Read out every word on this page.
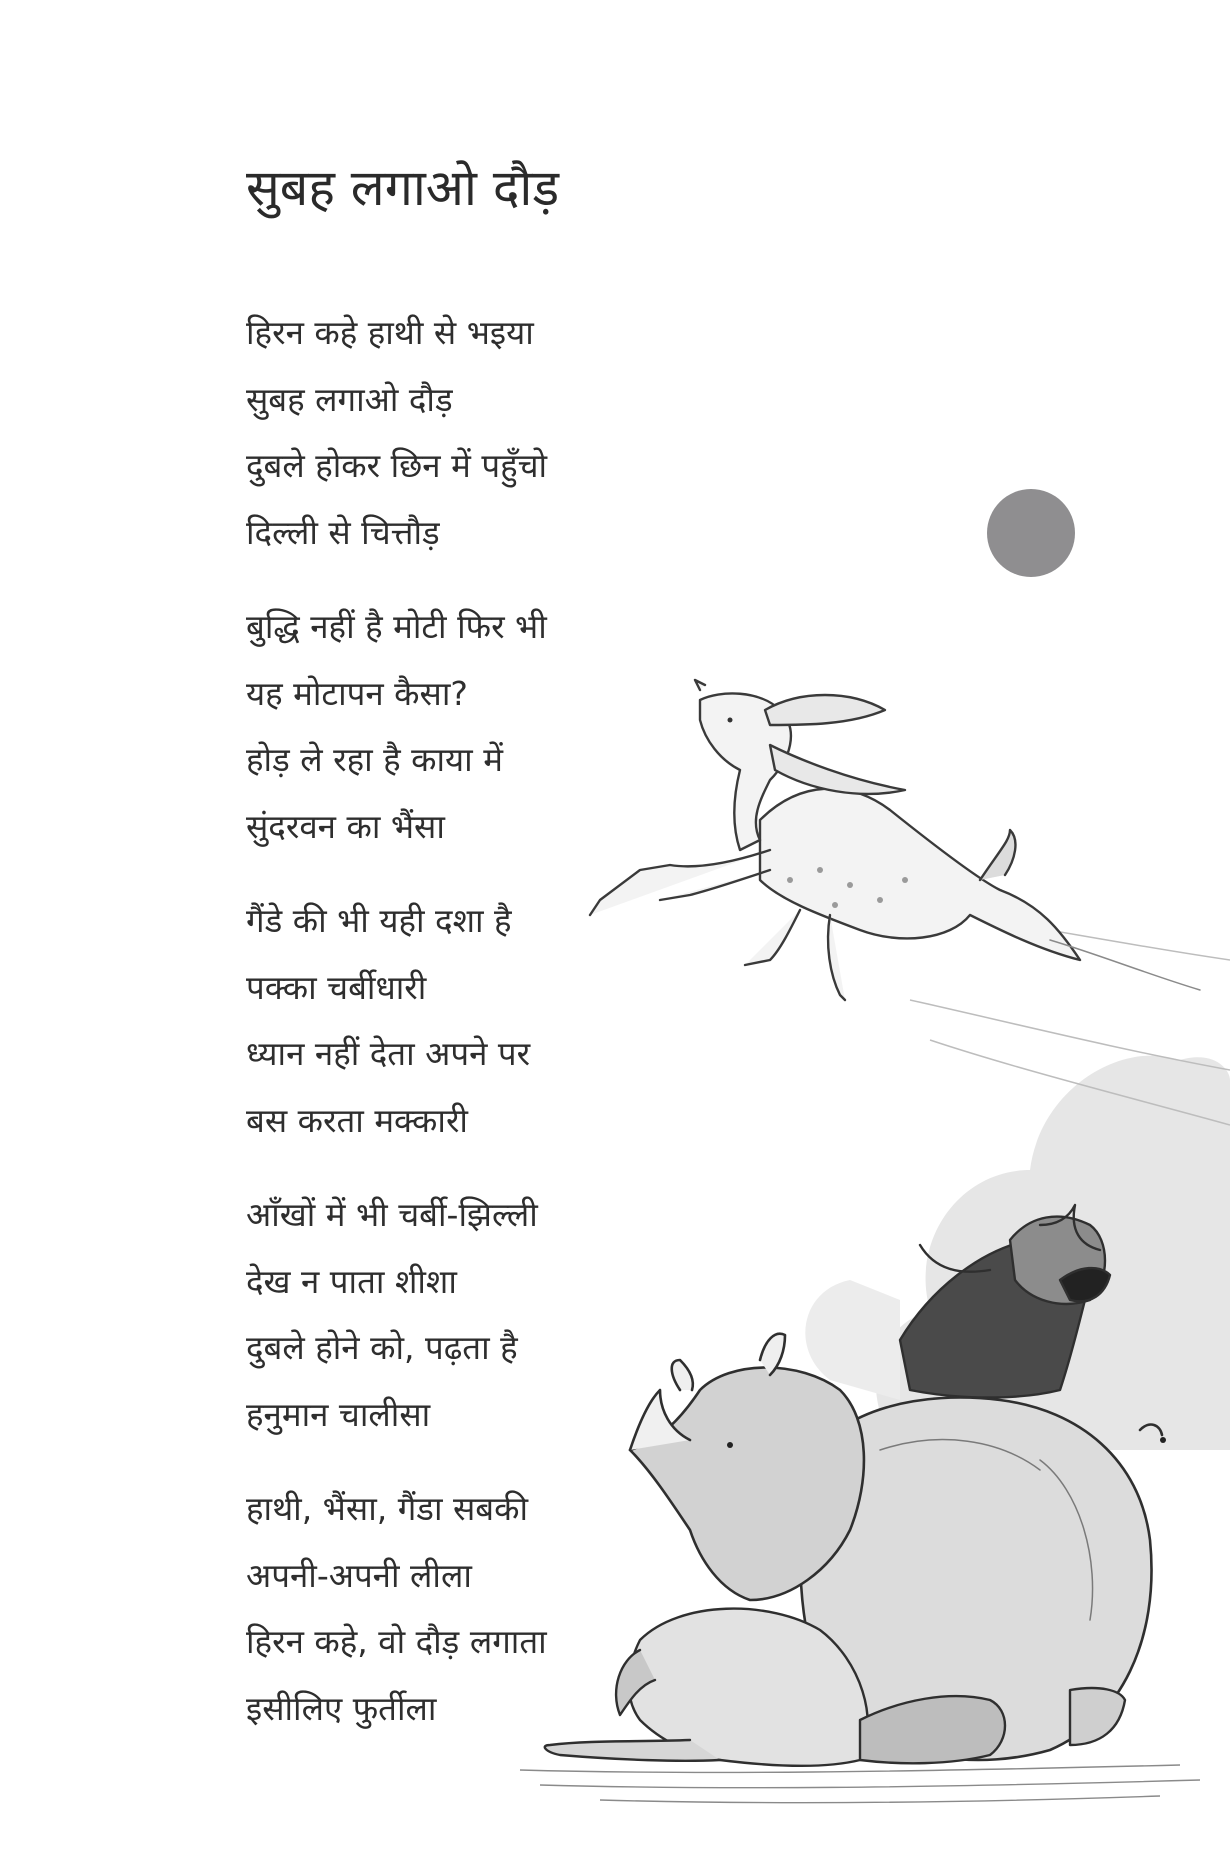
सुबह लगाओ दौड़
हिरन कहे हाथी से भइया
सुबह लगाओ दौड़
दुबले होकर छिन में पहुँचो
दिल्ली से चित्तौड़
बुद्धि नहीं है मोटी फिर भी
यह मोटापन कैसा?
होड़ ले रहा है काया में
सुंदरवन का भैंसा
गैंडे की भी यही दशा है
पक्का चर्बीधारी
ध्यान नहीं देता अपने पर
बस करता मक्कारी
आँखों में भी चर्बी-झिल्ली
देख न पाता शीशा
दुबले होने को, पढ़ता है
हनुमान चालीसा
हाथी, भैंसा, गैंडा सबकी
अपनी-अपनी लीला
हिरन कहे, वो दौड़ लगाता
इसीलिए फुर्तीला
